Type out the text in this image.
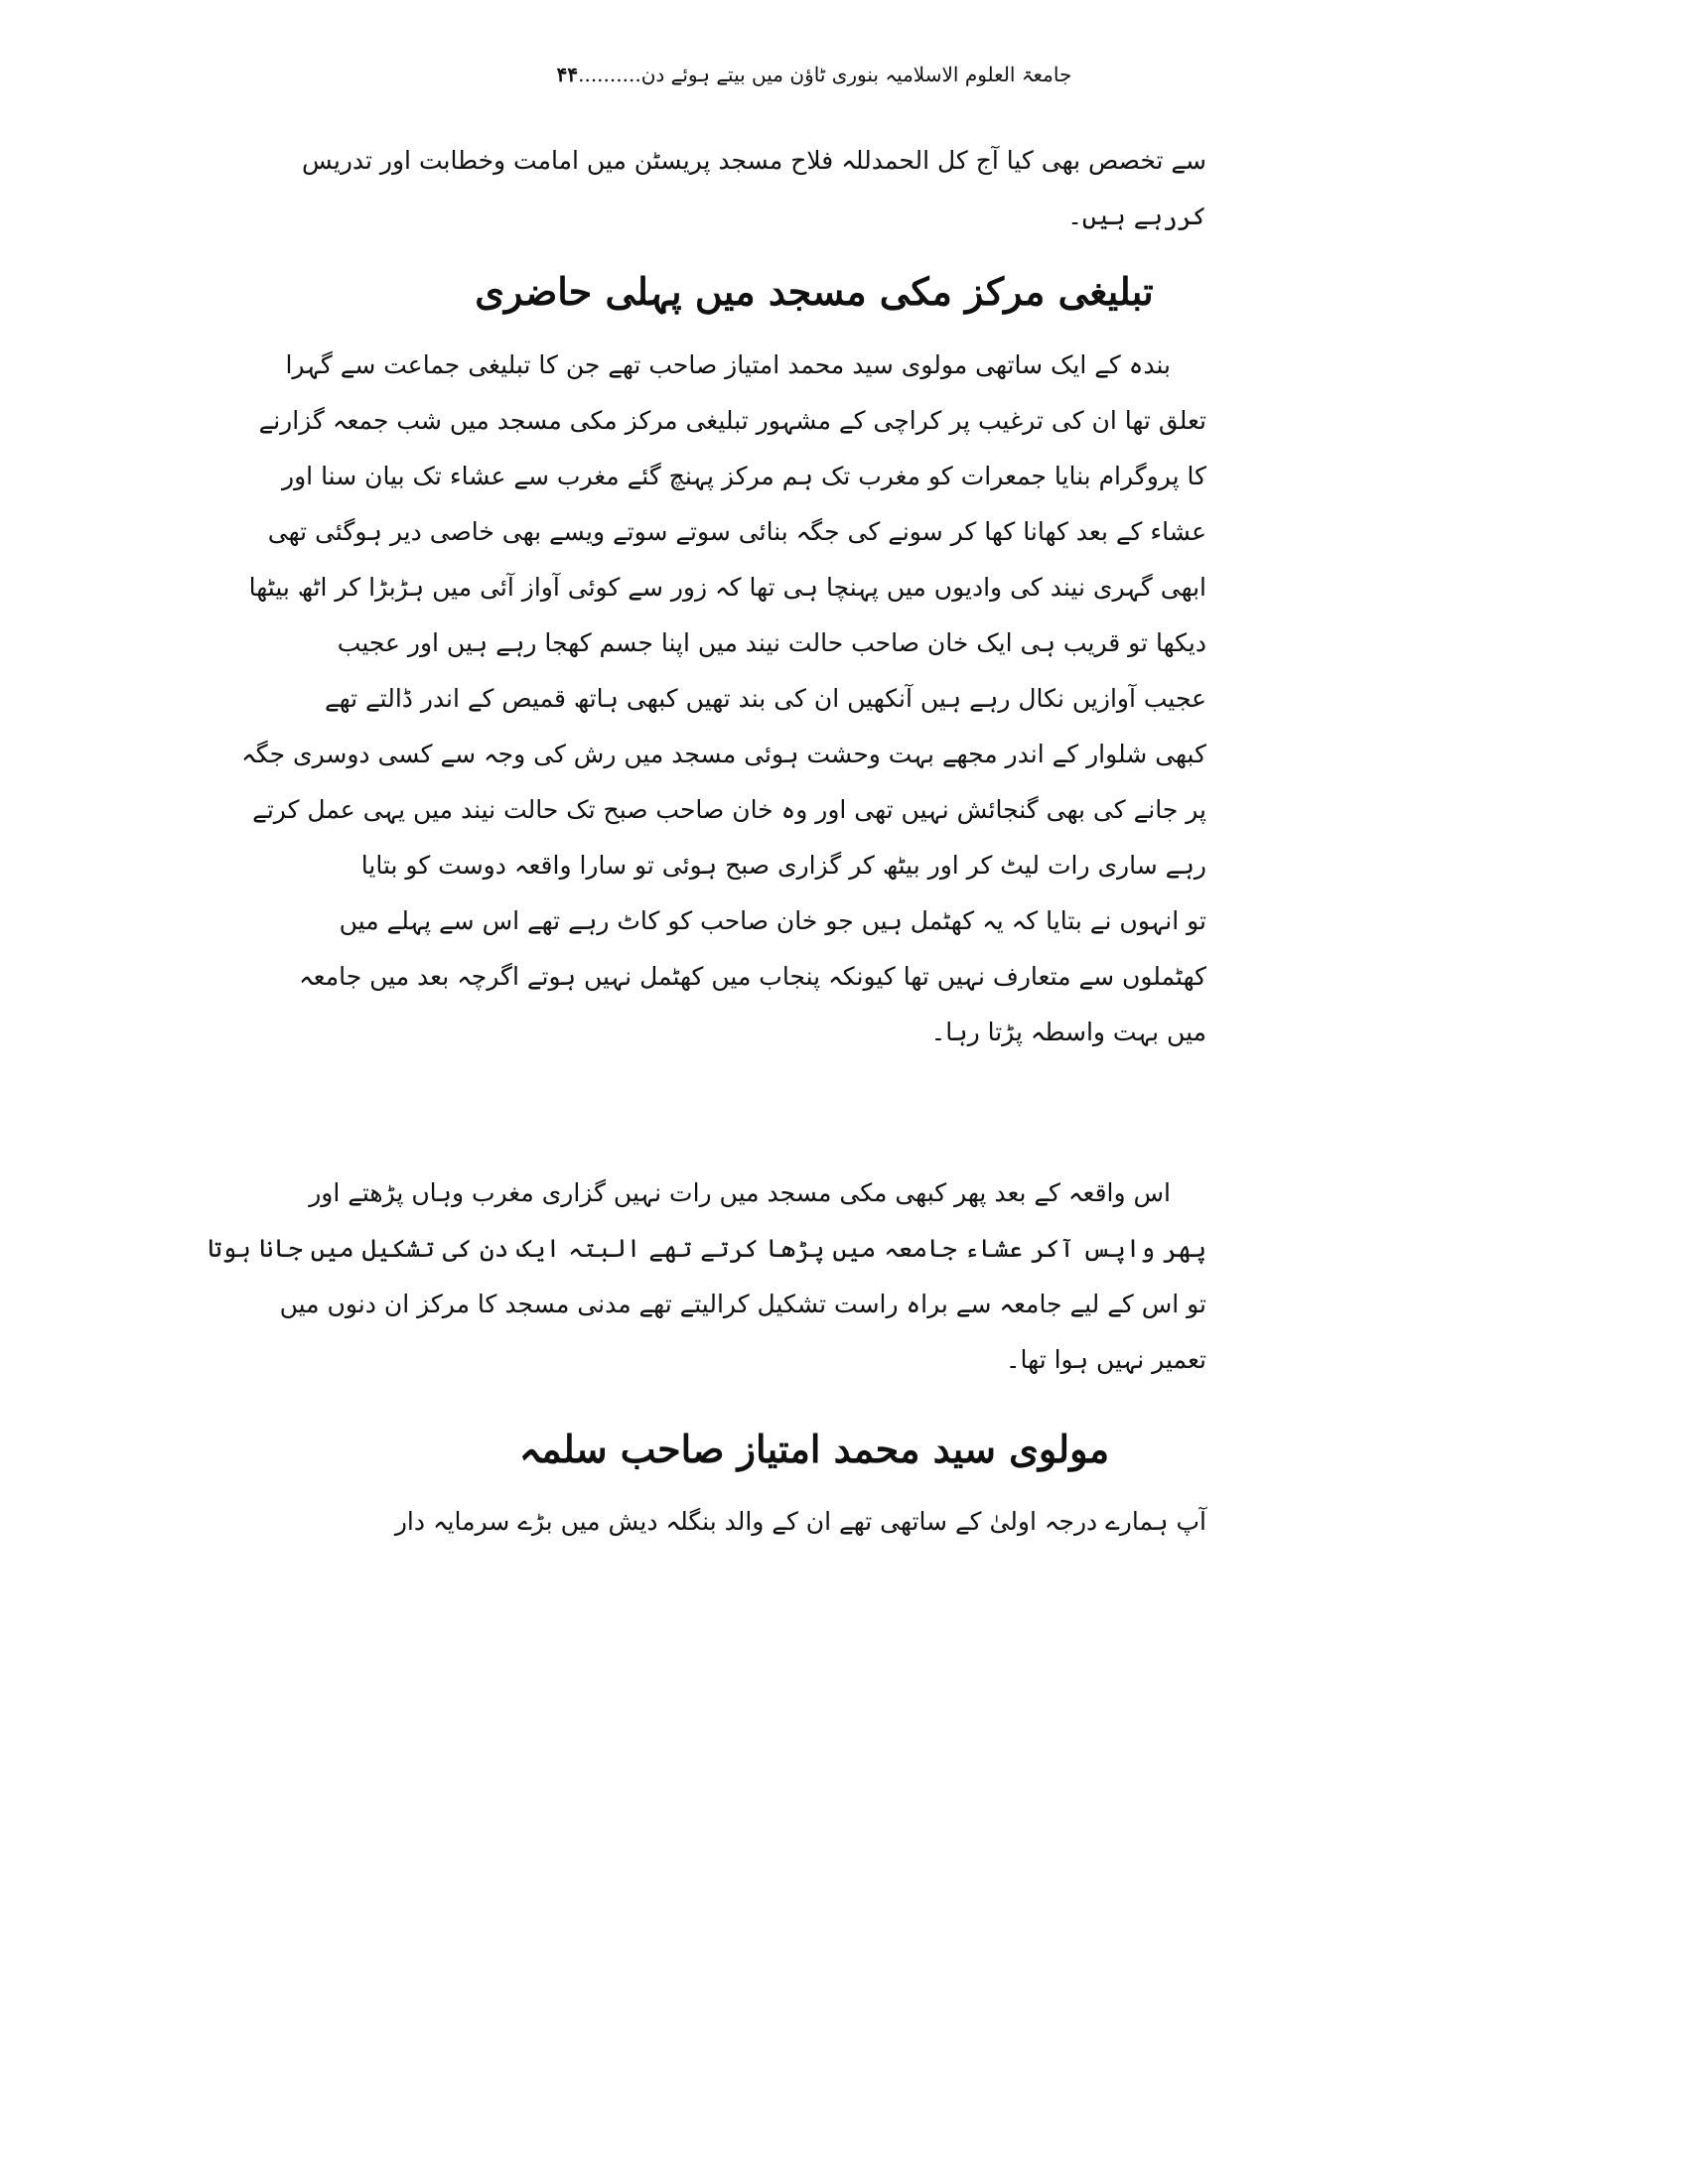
جامعۃ العلوم الاسلامیہ بنوری ٹاؤن میں بیتے ہوئے دن..........۴۴
سے تخصص بھی کیا آج کل الحمدللہ فلاح مسجد پریسٹن میں امامت وخطابت اور تدریس
کررہے ہیں۔
تبلیغی مرکز مکی مسجد میں پہلی حاضری
بندہ کے ایک ساتھی مولوی سید محمد امتیاز صاحب تھے جن کا تبلیغی جماعت سے گہرا
تعلق تھا ان کی ترغیب پر کراچی کے مشہور تبلیغی مرکز مکی مسجد میں شب جمعہ گزارنے
کا پروگرام بنایا جمعرات کو مغرب تک ہم مرکز پہنچ گئے مغرب سے عشاء تک بیان سنا اور
عشاء کے بعد کھانا کھا کر سونے کی جگہ بنائی سوتے سوتے ویسے بھی خاصی دیر ہوگئی تھی
ابھی گہری نیند کی وادیوں میں پہنچا ہی تھا کہ زور سے کوئی آواز آئی میں ہڑبڑا کر اٹھ بیٹھا
دیکھا تو قریب ہی ایک خان صاحب حالت نیند میں اپنا جسم کھجا رہے ہیں اور عجیب
عجیب آوازیں نکال رہے ہیں آنکھیں ان کی بند تھیں کبھی ہاتھ قمیص کے اندر ڈالتے تھے
کبھی شلوار کے اندر مجھے بہت وحشت ہوئی مسجد میں رش کی وجہ سے کسی دوسری جگہ
پر جانے کی بھی گنجائش نہیں تھی اور وہ خان صاحب صبح تک حالت نیند میں یہی عمل کرتے
رہے ساری رات لیٹ کر اور بیٹھ کر گزاری صبح ہوئی تو سارا واقعہ دوست کو بتایا
تو انہوں نے بتایا کہ یہ کھٹمل ہیں جو خان صاحب کو کاٹ رہے تھے اس سے پہلے میں
کھٹملوں سے متعارف نہیں تھا کیونکہ پنجاب میں کھٹمل نہیں ہوتے اگرچہ بعد میں جامعہ
میں بہت واسطہ پڑتا رہا۔
اس واقعہ کے بعد پھر کبھی مکی مسجد میں رات نہیں گزاری مغرب وہاں پڑھتے اور
پھر واپس آکر عشاء جامعہ میں پڑھا کرتے تھے البتہ ایک دن کی تشکیل میں جانا ہوتا
تو اس کے لیے جامعہ سے براہ راست تشکیل کرالیتے تھے مدنی مسجد کا مرکز ان دنوں میں
تعمیر نہیں ہوا تھا۔
مولوی سید محمد امتیاز صاحب سلمہ
آپ ہمارے درجہ اولیٰ کے ساتھی تھے ان کے والد بنگلہ دیش میں بڑے سرمایہ دار
